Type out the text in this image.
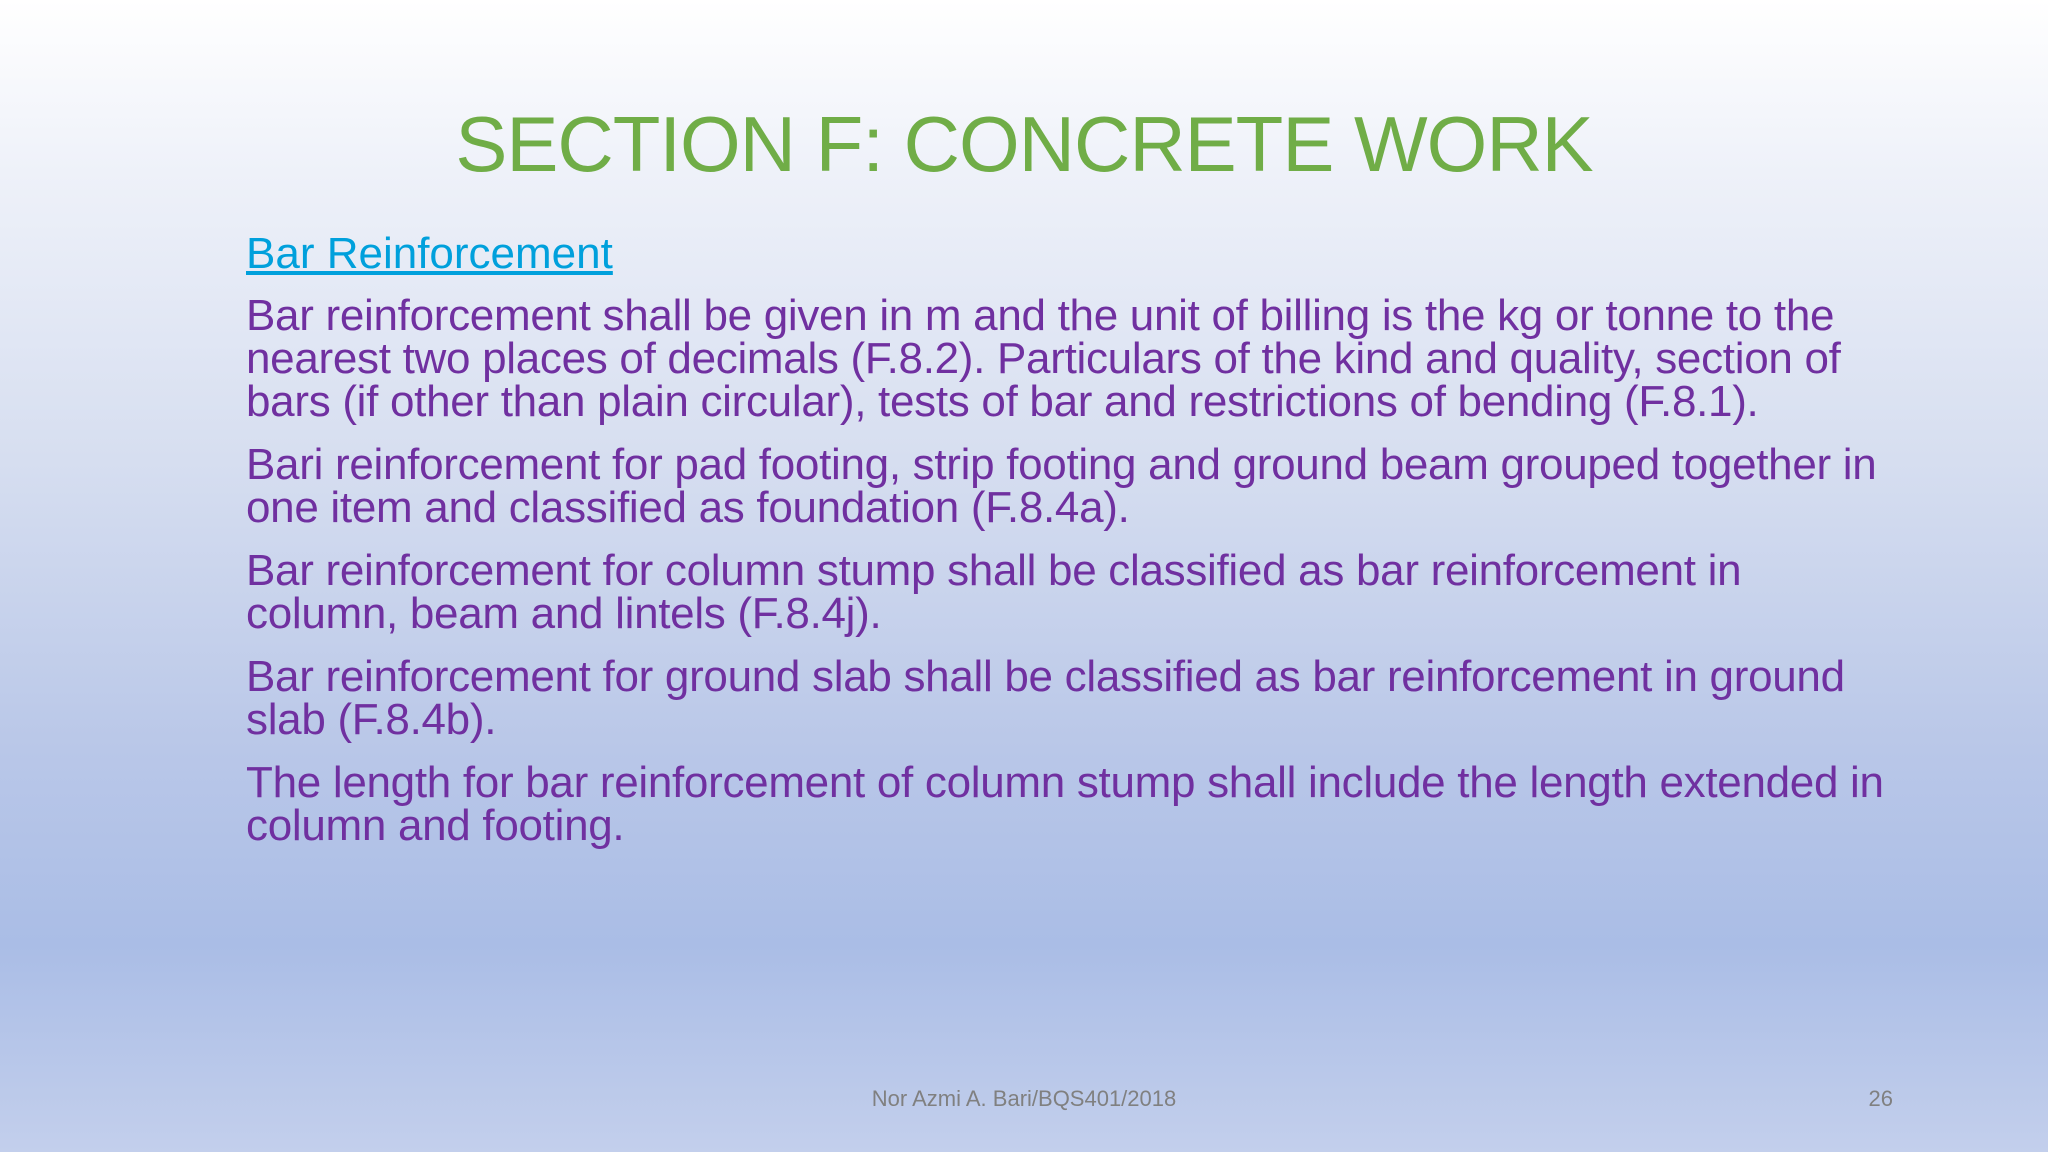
SECTION F: CONCRETE WORK
Bar Reinforcement

Bar reinforcement shall be given in m and the unit of billing is the kg or tonne to the nearest two places of decimals (F.8.2). Particulars of the kind and quality, section of bars (if other than plain circular), tests of bar and restrictions of bending (F.8.1).

Bari reinforcement for pad footing, strip footing and ground beam grouped together in one item and classified as foundation (F.8.4a).

Bar reinforcement for column stump shall be classified as bar reinforcement in column, beam and lintels (F.8.4j).

Bar reinforcement for ground slab shall be classified as bar reinforcement in ground slab (F.8.4b).

The length for bar reinforcement of column stump shall include the length extended in column and footing.

Nor Azmi A. Bari/BQS401/2018	26
